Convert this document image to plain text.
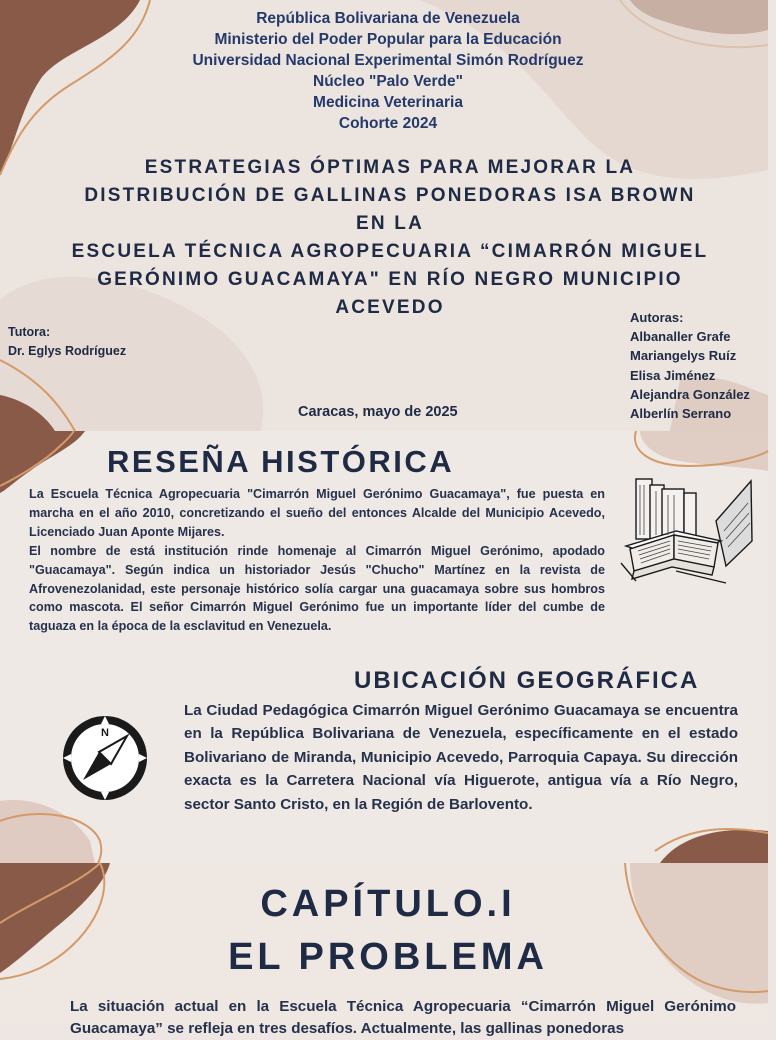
República Bolivariana de Venezuela
Ministerio del Poder Popular para la Educación
Universidad Nacional Experimental Simón Rodríguez
Núcleo "Palo Verde"
Medicina Veterinaria
Cohorte 2024
ESTRATEGIAS ÓPTIMAS PARA MEJORAR LA
DISTRIBUCIÓN DE GALLINAS PONEDORAS ISA BROWN
EN LA
ESCUELA TÉCNICA AGROPECUARIA “CIMARRÓN MIGUEL
GERÓNIMO GUACAMAYA" EN RÍO NEGRO MUNICIPIO
ACEVEDO
Tutora:
Dr. Eglys Rodríguez
Autoras:
Albanaller Grafe
Mariangelys Ruíz
Elisa Jiménez
Alejandra González
Alberlín Serrano
Caracas, mayo de 2025
RESEÑA HISTÓRICA

La Escuela Técnica Agropecuaria "Cimarrón Miguel Gerónimo Guacamaya", fue puesta en marcha en el año 2010, concretizando el sueño del entonces Alcalde del Municipio Acevedo, Licenciado Juan Aponte Mijares.

El nombre de está institución rinde homenaje al Cimarrón Miguel Gerónimo, apodado "Guacamaya". Según indica un historiador Jesús "Chucho" Martínez en la revista de Afrovenezolanidad, este personaje histórico solía cargar una guacamaya sobre sus hombros como mascota. El señor Cimarrón Miguel Gerónimo fue un importante líder del cumbe de taguaza en la época de la esclavitud en Venezuela.

UBICACIÓN GEOGRÁFICA
N
La Ciudad Pedagógica Cimarrón Miguel Gerónimo Guacamaya se encuentra en la República Bolivariana de Venezuela, específicamente en el estado Bolivariano de Miranda, Municipio Acevedo, Parroquia Capaya. Su dirección exacta es la Carretera Nacional vía Higuerote, antigua vía a Río Negro, sector Santo Cristo, en la Región de Barlovento.
CAPÍTULO.I
EL PROBLEMA
La situación actual en la Escuela Técnica Agropecuaria “Cimarrón Miguel Gerónimo Guacamaya” se refleja en tres desafíos. Actualmente, las gallinas ponedoras
